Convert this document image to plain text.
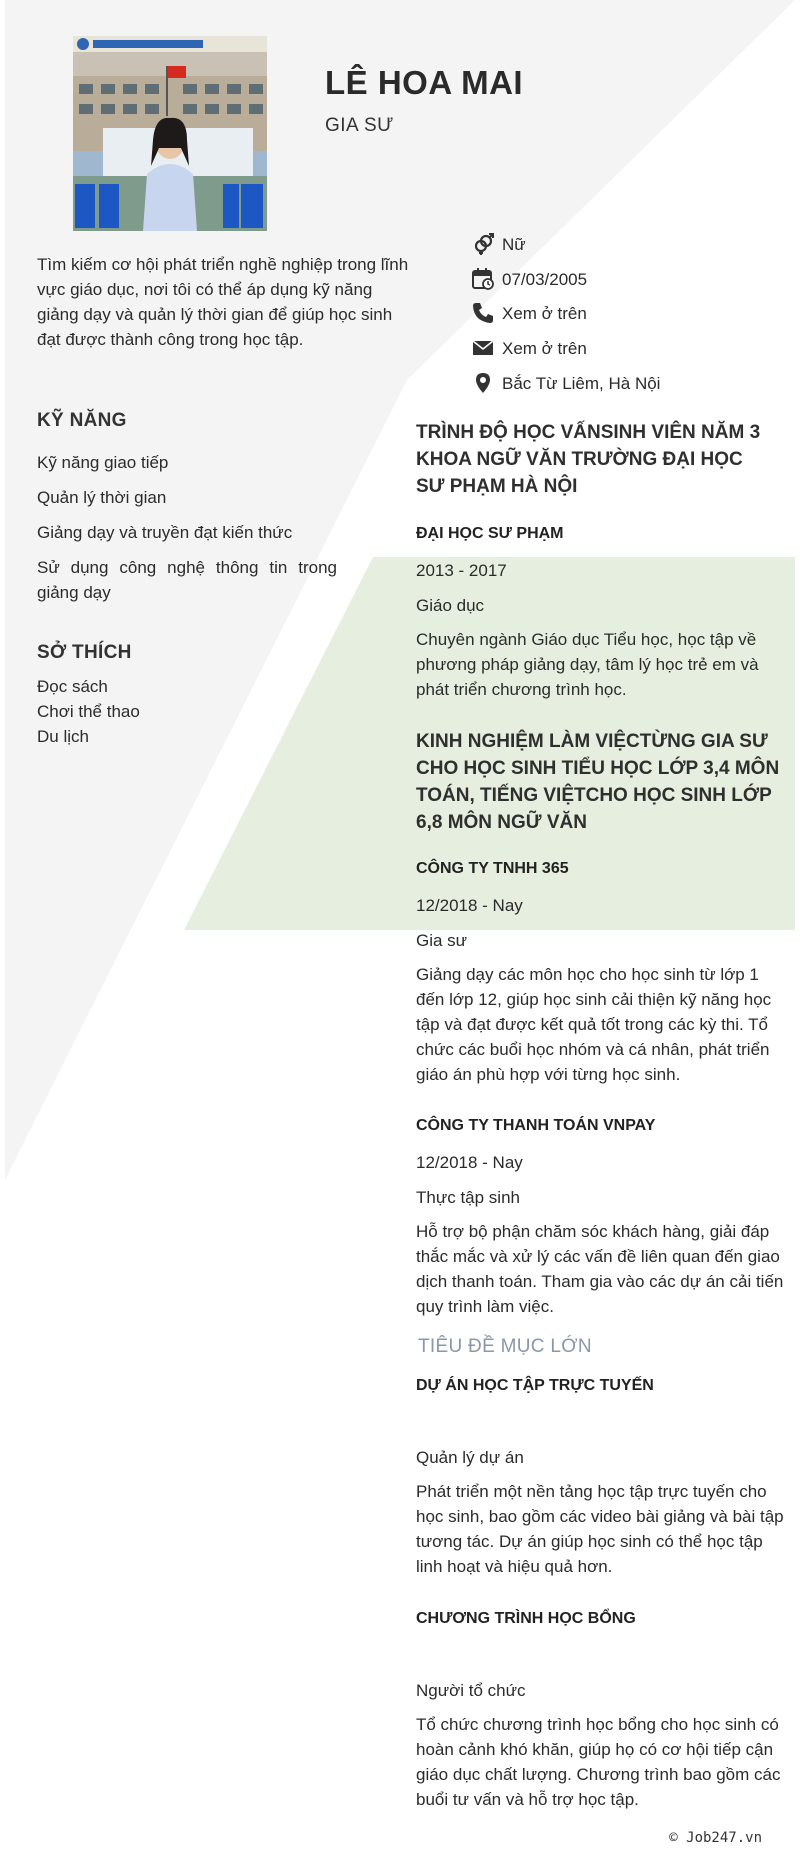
LÊ HOA MAI
GIA SƯ
Tìm kiếm cơ hội phát triển nghề nghiệp trong lĩnh vực giáo dục, nơi tôi có thể áp dụng kỹ năng giảng dạy và quản lý thời gian để giúp học sinh đạt được thành công trong học tập.
Nữ
07/03/2005
Xem ở trên
Xem ở trên
Bắc Từ Liêm, Hà Nội
KỸ NĂNG
Kỹ năng giao tiếp
Quản lý thời gian
Giảng dạy và truyền đạt kiến thức
Sử dụng công nghệ thông tin trong giảng dạy
SỞ THÍCH
Đọc sách
Chơi thể thao
Du lịch
TRÌNH ĐỘ HỌC VẤNSINH VIÊN NĂM 3 KHOA NGỮ VĂN TRƯỜNG ĐẠI HỌC SƯ PHẠM HÀ NỘI
ĐẠI HỌC SƯ PHẠM
2013 - 2017
Giáo dục
Chuyên ngành Giáo dục Tiểu học, học tập về phương pháp giảng dạy, tâm lý học trẻ em và phát triển chương trình học.
KINH NGHIỆM LÀM VIỆCTỪNG GIA SƯ CHO HỌC SINH TIỂU HỌC LỚP 3,4 MÔN TOÁN, TIẾNG VIỆTCHO HỌC SINH LỚP 6,8 MÔN NGỮ VĂN
CÔNG TY TNHH 365
12/2018 - Nay
Gia sư
Giảng dạy các môn học cho học sinh từ lớp 1 đến lớp 12, giúp học sinh cải thiện kỹ năng học tập và đạt được kết quả tốt trong các kỳ thi. Tổ chức các buổi học nhóm và cá nhân, phát triển giáo án phù hợp với từng học sinh.
CÔNG TY THANH TOÁN VNPAY
12/2018 - Nay
Thực tập sinh
Hỗ trợ bộ phận chăm sóc khách hàng, giải đáp thắc mắc và xử lý các vấn đề liên quan đến giao dịch thanh toán. Tham gia vào các dự án cải tiến quy trình làm việc.
TIÊU ĐỀ MỤC LỚN
DỰ ÁN HỌC TẬP TRỰC TUYẾN
Quản lý dự án
Phát triển một nền tảng học tập trực tuyến cho học sinh, bao gồm các video bài giảng và bài tập tương tác. Dự án giúp học sinh có thể học tập linh hoạt và hiệu quả hơn.
CHƯƠNG TRÌNH HỌC BỔNG
Người tổ chức
Tổ chức chương trình học bổng cho học sinh có hoàn cảnh khó khăn, giúp họ có cơ hội tiếp cận giáo dục chất lượng. Chương trình bao gồm các buổi tư vấn và hỗ trợ học tập.
© Job247.vn
